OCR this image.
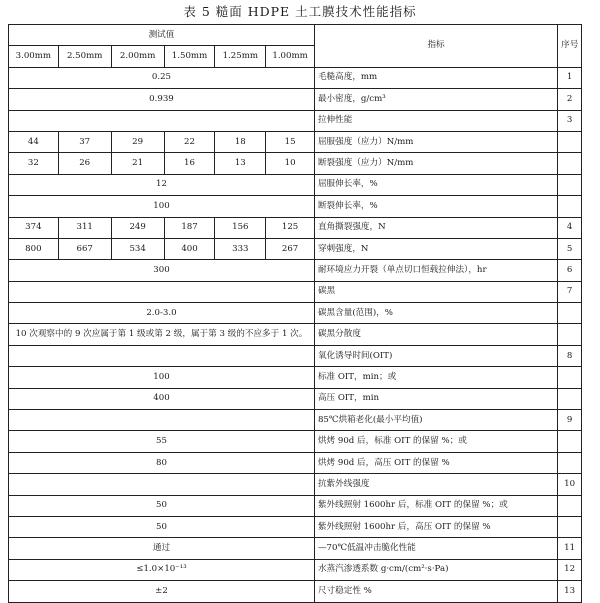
表 5 糙面 HDPE 土工膜技术性能指标
测试值						指标	序号
3.00mm	2.50mm	2.00mm	1.50mm	1.25mm	1.00mm		
0.25						毛糙高度，mm	1
0.939						最小密度，g/cm³	2
						拉伸性能	3
44	37	29	22	18	15	屈服强度（应力）N/mm	
32	26	21	16	13	10	断裂强度（应力）N/mm	
12						屈服伸长率，%	
100						断裂伸长率，%	
374	311	249	187	156	125	直角撕裂强度，N	4
800	667	534	400	333	267	穿刺强度，N	5
300						耐环境应力开裂（单点切口恒载拉伸法），hr	6
						碳黑	7
2.0-3.0						碳黑含量(范围)，%	
10 次观察中的 9 次应属于第 1 级或第 2 级，属于第 3 级的不应多于 1 次。						碳黑分散度	
						氧化诱导时间(OIT)	8
100						标准 OIT，min；或	
400						高压 OIT，min	
						85℃烘箱老化(最小平均值)	9
55						烘烤 90d 后，标准 OIT 的保留 %；或	
80						烘烤 90d 后，高压 OIT 的保留 %	
						抗紫外线强度	10
50						紫外线照射 1600hr 后，标准 OIT 的保留 %；或	
50						紫外线照射 1600hr 后，高压 OIT 的保留 %	
通过						—70℃低温冲击脆化性能	11
≤1.0×10⁻¹³						水蒸汽渗透系数 g·cm/(cm²·s·Pa)	12
±2						尺寸稳定性 %	13
